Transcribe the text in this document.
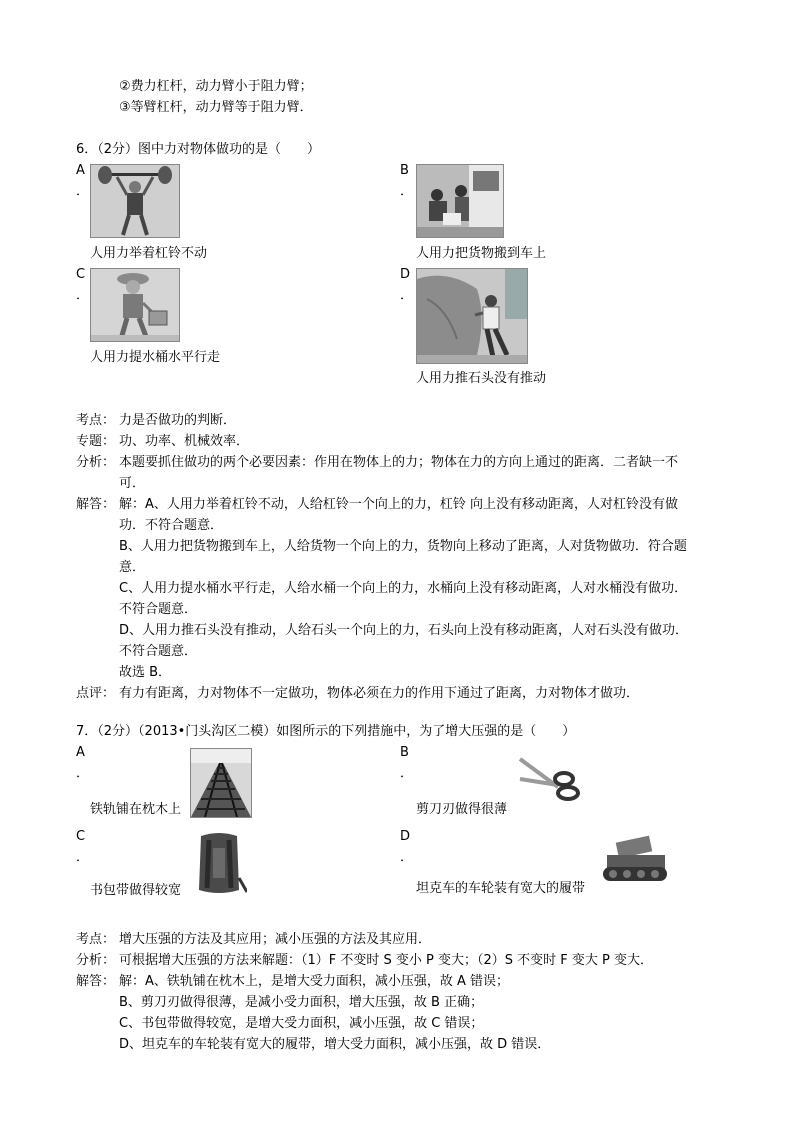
②费力杠杆，动力臂小于阻力臂；
③等臂杠杆，动力臂等于阻力臂．
6．（2分）图中力对物体做功的是（　　）
A
．
人用力举着杠铃不动
B
．
人用力把货物搬到车上
C
．
人用力提水桶水平行走
D
．
人用力推石头没有推动
考点： 力是否做功的判断．
专题： 功、功率、机械效率．
分析： 本题要抓住做功的两个必要因素：作用在物体上的力；物体在力的方向上通过的距离．二者缺一不
可．
解答： 解：A、人用力举着杠铃不动，人给杠铃一个向上的力，杠铃 向上没有移动距离，人对杠铃没有做
功．不符合题意．
B、人用力把货物搬到车上，人给货物一个向上的力，货物向上移动了距离，人对货物做功．符合题
意．
C、人用力提水桶水平行走，人给水桶一个向上的力，水桶向上没有移动距离，人对水桶没有做功．
不符合题意．
D、人用力推石头没有推动，人给石头一个向上的力，石头向上没有移动距离，人对石头没有做功．
不符合题意．
故选 B．
点评： 有力有距离，力对物体不一定做功，物体必须在力的作用下通过了距离，力对物体才做功．
7．（2分）（2013•门头沟区二模）如图所示的下列措施中，为了增大压强的是（　　）
A
．
铁轨铺在枕木上
B
．
剪刀刃做得很薄
C
．
书包带做得较宽
D
．
坦克车的车轮装有宽大的履带
考点： 增大压强的方法及其应用；减小压强的方法及其应用．
分析： 可根据增大压强的方法来解题：（1）F 不变时 S 变小 P 变大；（2）S 不变时 F 变大 P 变大．
解答： 解：A、铁轨铺在枕木上，是增大受力面积，减小压强，故 A 错误；
B、剪刀刃做得很薄，是减小受力面积，增大压强，故 B 正确；
C、书包带做得较宽，是增大受力面积，减小压强，故 C 错误；
D、坦克车的车轮装有宽大的履带，增大受力面积，减小压强，故 D 错误．
